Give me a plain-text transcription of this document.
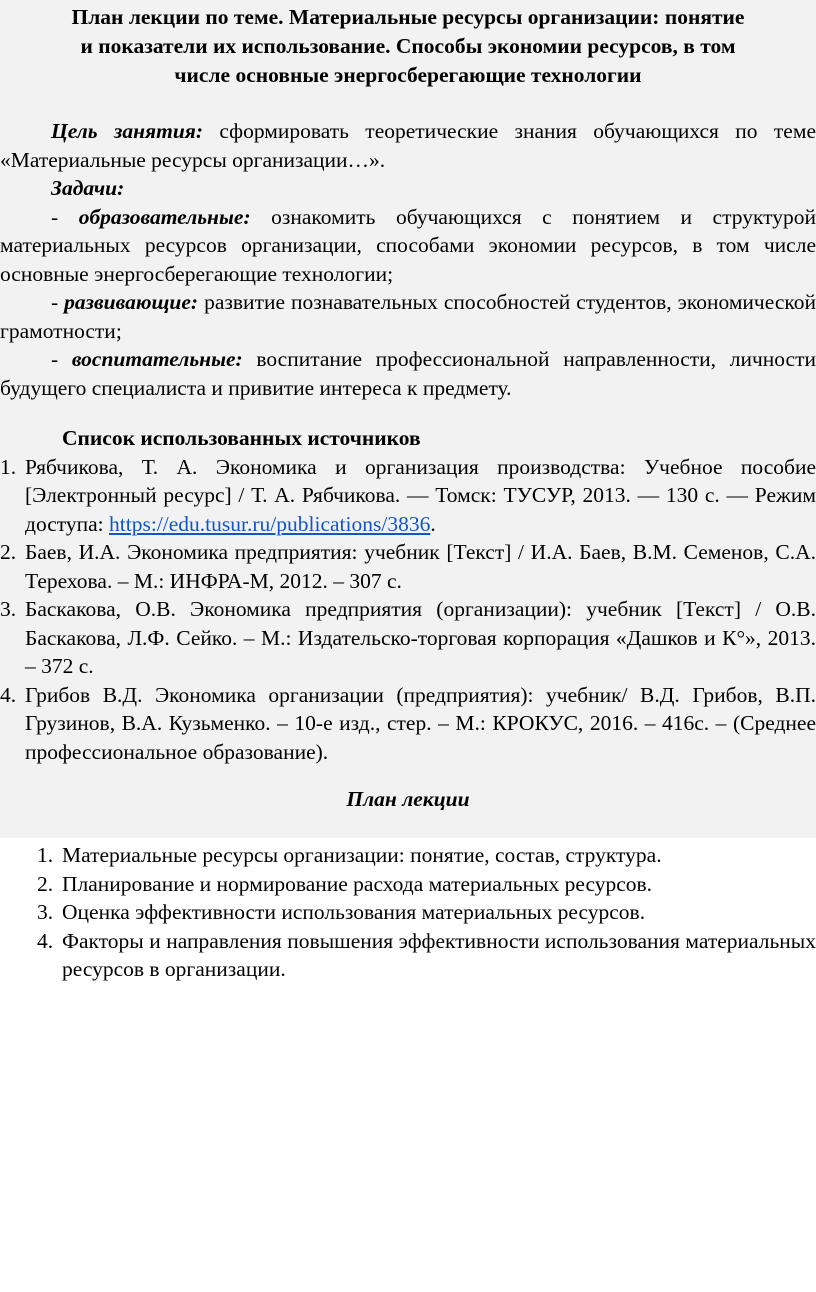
План лекции по теме. Материальные ресурсы организации: понятие
и показатели их использование. Способы экономии ресурсов, в том
числе основные энергосберегающие технологии

Цель занятия: сформировать теоретические знания обучающихся по теме «Материальные ресурсы организации…».

Задачи:

- образовательные: ознакомить обучающихся с понятием и структурой материальных ресурсов организации, способами экономии ресурсов, в том числе основные энергосберегающие технологии;

- развивающие: развитие познавательных способностей студентов, экономической грамотности;

- воспитательные: воспитание профессиональной направленности, личности будущего специалиста и привитие интереса к предмету.

Список использованных источников

1. Рябчикова, Т. А. Экономика и организация производства: Учебное пособие [Электронный ресурс] / Т. А. Рябчикова. — Томск: ТУСУР, 2013. — 130 с. — Режим доступа: https://edu.tusur.ru/publications/3836.
2. Баев, И.А. Экономика предприятия: учебник [Текст] / И.А. Баев, В.М. Семенов, С.А. Терехова. – М.: ИНФРА-М, 2012. – 307 с.
3. Баскакова, О.В. Экономика предприятия (организации): учебник [Текст] / О.В. Баскакова, Л.Ф. Сейко. – М.: Издательско-торговая корпорация «Дашков и К°», 2013. – 372 с.
4. Грибов В.Д. Экономика организации (предприятия): учебник/ В.Д. Грибов, В.П. Грузинов, В.А. Кузьменко. – 10-е изд., стер. – М.: КРОКУС, 2016. – 416с. – (Среднее профессиональное образование).

План лекции

1. Материальные ресурсы организации: понятие, состав, структура.
2. Планирование и нормирование расхода материальных ресурсов.
3. Оценка эффективности использования материальных ресурсов.
4. Факторы и направления повышения эффективности использования материальных ресурсов в организации.
